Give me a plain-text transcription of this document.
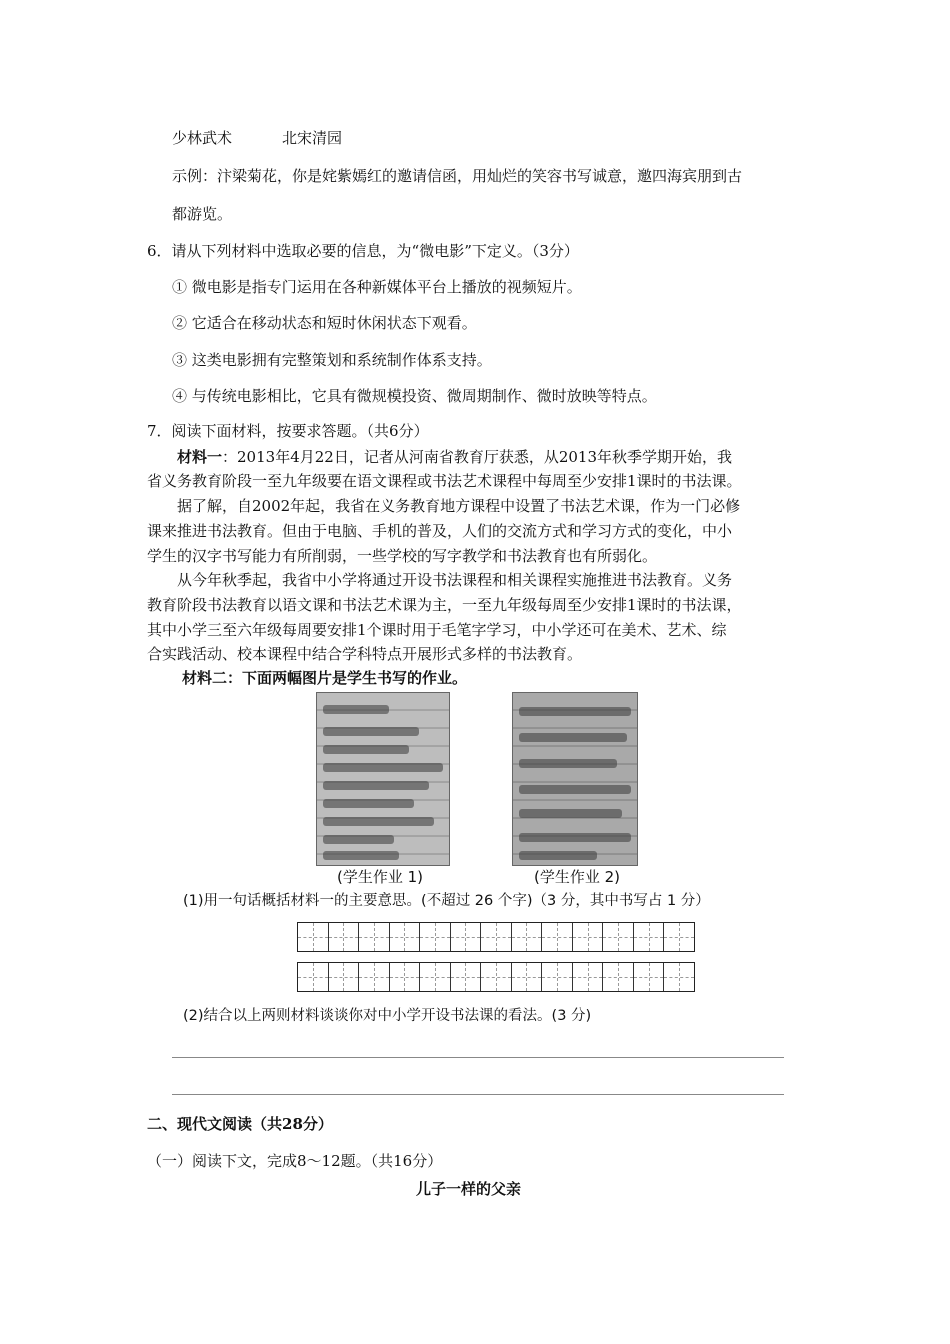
少林武术	北宋清园
示例：汴梁菊花，你是姹紫嫣红的邀请信函，用灿烂的笑容书写诚意，邀四海宾朋到古
都游览。
6．请从下列材料中选取必要的信息，为“微电影”下定义。（3分）
① 微电影是指专门运用在各种新媒体平台上播放的视频短片。
② 它适合在移动状态和短时休闲状态下观看。
③ 这类电影拥有完整策划和系统制作体系支持。
④ 与传统电影相比，它具有微规模投资、微周期制作、微时放映等特点。
7．阅读下面材料，按要求答题。（共6分）
材料一：2013年4月22日，记者从河南省教育厅获悉，从2013年秋季学期开始，我
省义务教育阶段一至九年级要在语文课程或书法艺术课程中每周至少安排1课时的书法课。
据了解，自2002年起，我省在义务教育地方课程中设置了书法艺术课，作为一门必修
课来推进书法教育。但由于电脑、手机的普及，人们的交流方式和学习方式的变化，中小
学生的汉字书写能力有所削弱，一些学校的写字教学和书法教育也有所弱化。
从今年秋季起，我省中小学将通过开设书法课程和相关课程实施推进书法教育。义务
教育阶段书法教育以语文课和书法艺术课为主，一至九年级每周至少安排1课时的书法课，
其中小学三至六年级每周要安排1个课时用于毛笔字学习，中小学还可在美术、艺术、综
合实践活动、校本课程中结合学科特点开展形式多样的书法教育。
材料二：下面两幅图片是学生书写的作业。
(学生作业 1)	(学生作业 2)
(1)用一句话概括材料一的主要意思。(不超过 26 个字)（3 分，其中书写占 1 分）
(2)结合以上两则材料谈谈你对中小学开设书法课的看法。(3 分)
二、现代文阅读（共28分）
（一）阅读下文，完成8～12题。（共16分）
儿子一样的父亲
